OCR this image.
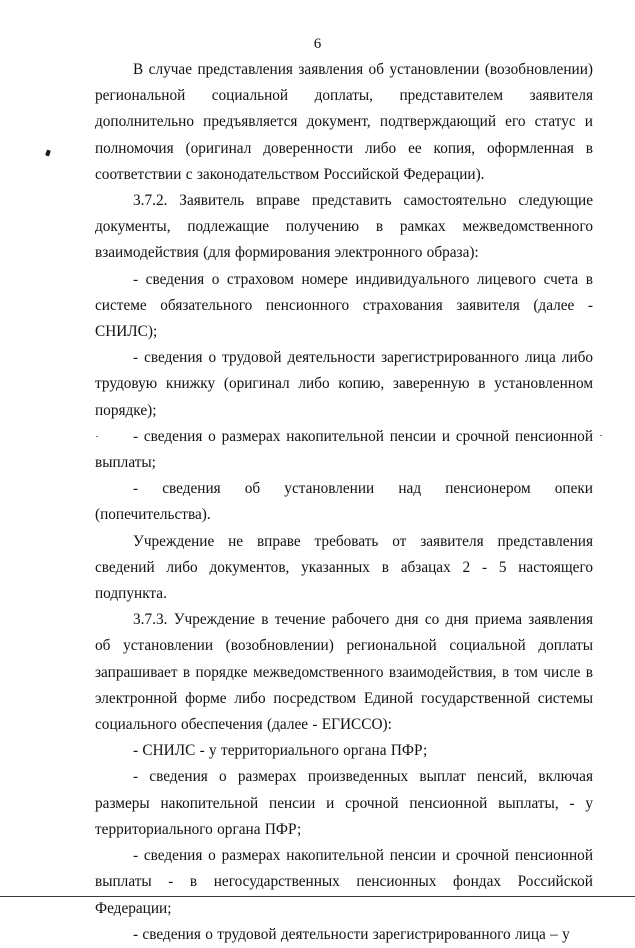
6

В случае представления заявления об установлении (возобновлении) региональной социальной доплаты, представителем заявителя дополнительно предъявляется документ, подтверждающий его статус и полномочия (оригинал доверенности либо ее копия, оформленная в соответствии с законодательством Российской Федерации).

3.7.2. Заявитель вправе представить самостоятельно следующие документы, подлежащие получению в рамках межведомственного взаимодействия (для формирования электронного образа):

- сведения о страховом номере индивидуального лицевого счета в системе обязательного пенсионного страхования заявителя (далее - СНИЛС);

- сведения о трудовой деятельности зарегистрированного лица либо трудовую книжку (оригинал либо копию, заверенную в установленном порядке);

- сведения о размерах накопительной пенсии и срочной пенсионной выплаты;

- сведения об установлении над пенсионером опеки (попечительства).

Учреждение не вправе требовать от заявителя представления сведений либо документов, указанных в абзацах 2 - 5 настоящего подпункта.

3.7.3. Учреждение в течение рабочего дня со дня приема заявления об установлении (возобновлении) региональной социальной доплаты запрашивает в порядке межведомственного взаимодействия, в том числе в электронной форме либо посредством Единой государственной системы социального обеспечения (далее - ЕГИССО):

- СНИЛС - у территориального органа ПФР;

- сведения о размерах произведенных выплат пенсий, включая размеры накопительной пенсии и срочной пенсионной выплаты, - у территориального органа ПФР;

- сведения о размерах накопительной пенсии и срочной пенсионной выплаты - в негосударственных пенсионных фондах Российской Федерации;

- сведения о трудовой деятельности зарегистрированного лица – у
